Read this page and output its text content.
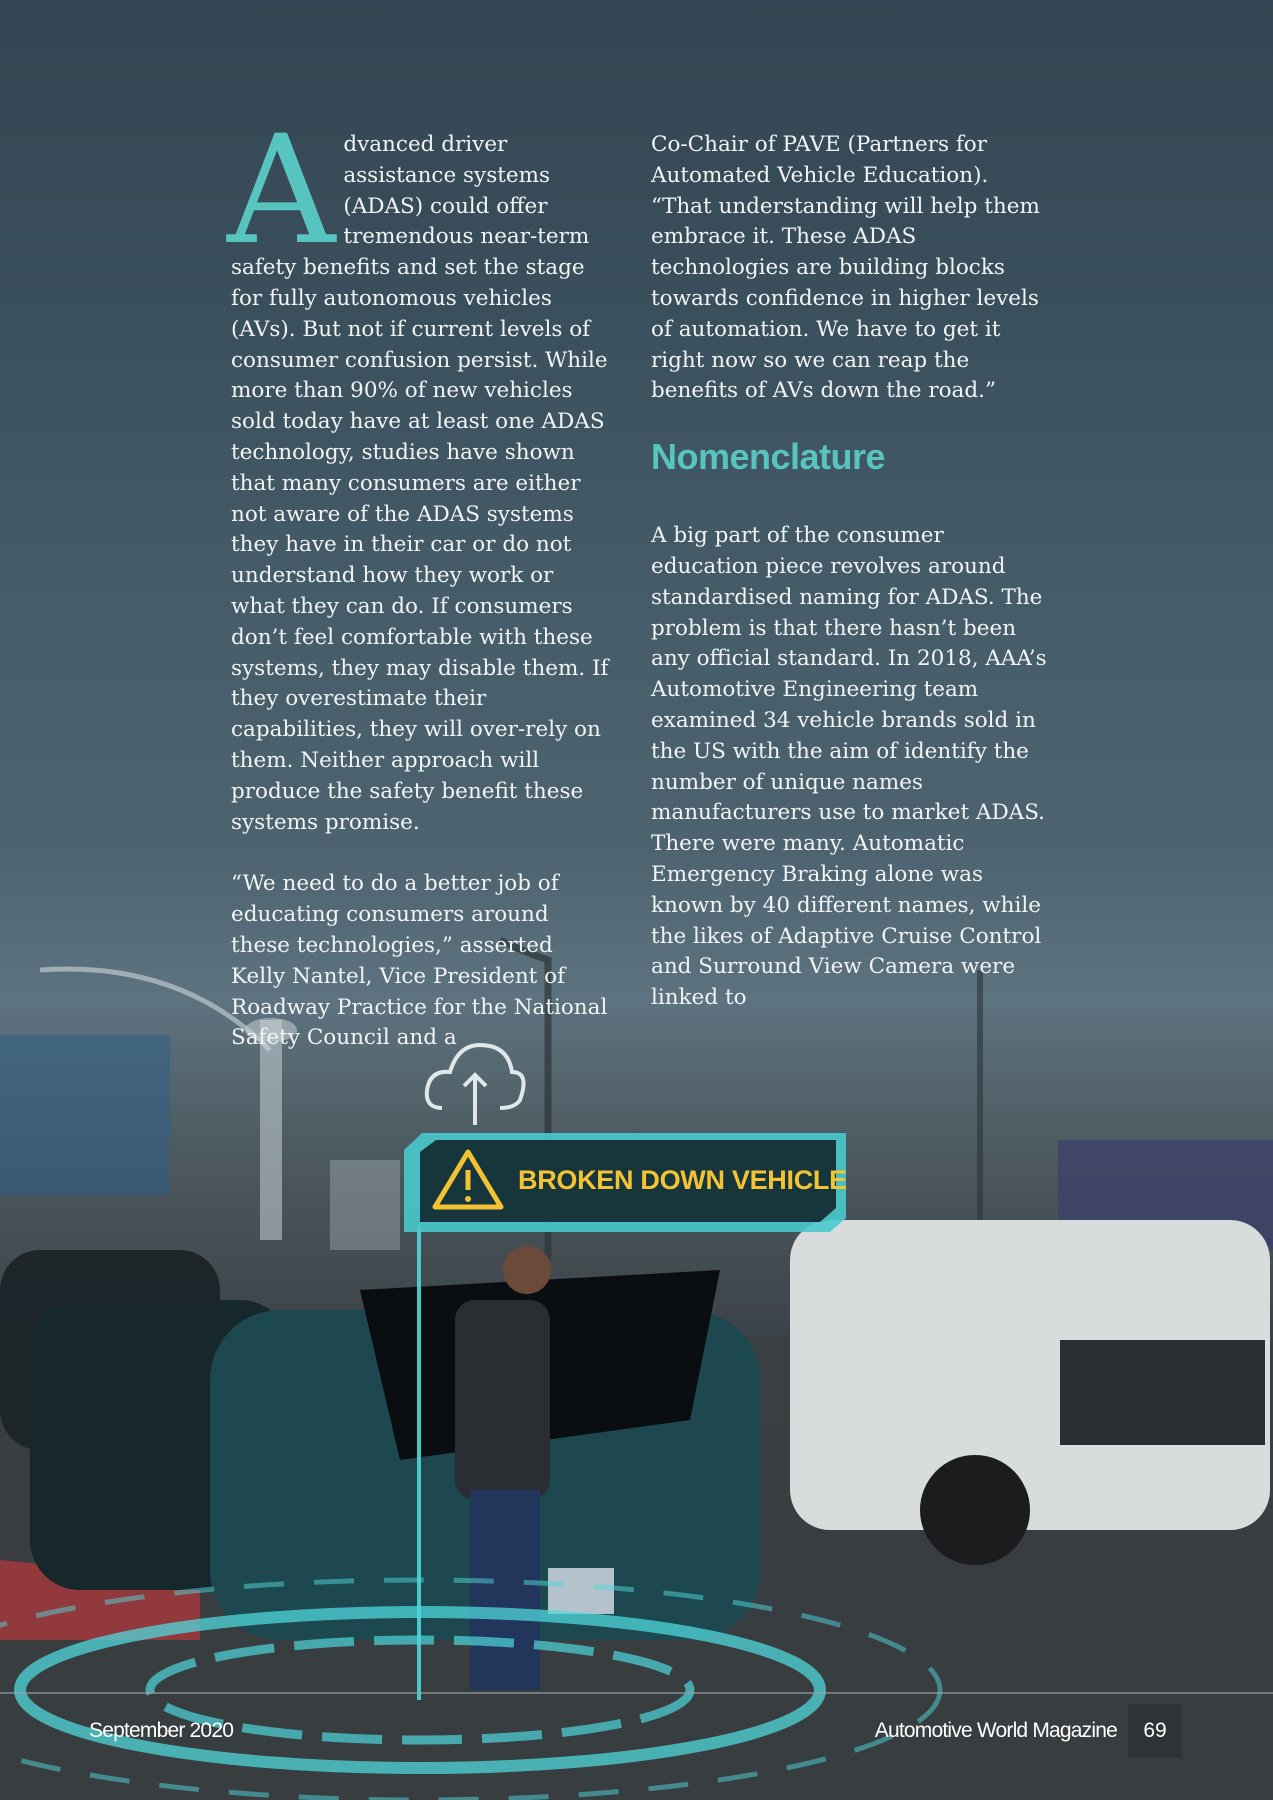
BROKEN DOWN VEHICLE

Advanced driver assistance systems (ADAS) could offer tremendous near-term safety benefits and set the stage for fully autonomous vehicles (AVs). But not if current levels of consumer confusion persist. While more than 90% of new vehicles sold today have at least one ADAS technology, studies have shown that many consumers are either not aware of the ADAS systems they have in their car or do not understand how they work or what they can do. If consumers don’t feel comfortable with these systems, they may disable them. If they overestimate their capabilities, they will over-rely on them. Neither approach will produce the safety benefit these systems promise.

“We need to do a better job of educating consumers around these technologies,” asserted Kelly Nantel, Vice President of Roadway Practice for the National Safety Council and a

Co-Chair of PAVE (Partners for Automated Vehicle Education). “That understanding will help them embrace it. These ADAS technologies are building blocks towards confidence in higher levels of automation. We have to get it right now so we can reap the benefits of AVs down the road.”

Nomenclature

A big part of the consumer education piece revolves around standardised naming for ADAS. The problem is that there hasn’t been any official standard. In 2018, AAA’s Automotive Engineering team examined 34 vehicle brands sold in the US with the aim of identify the number of unique names manufacturers use to market ADAS. There were many. Automatic Emergency Braking alone was known by 40 different names, while the likes of Adaptive Cruise Control and Surround View Camera were linked to

September 2020	Automotive World Magazine	69
